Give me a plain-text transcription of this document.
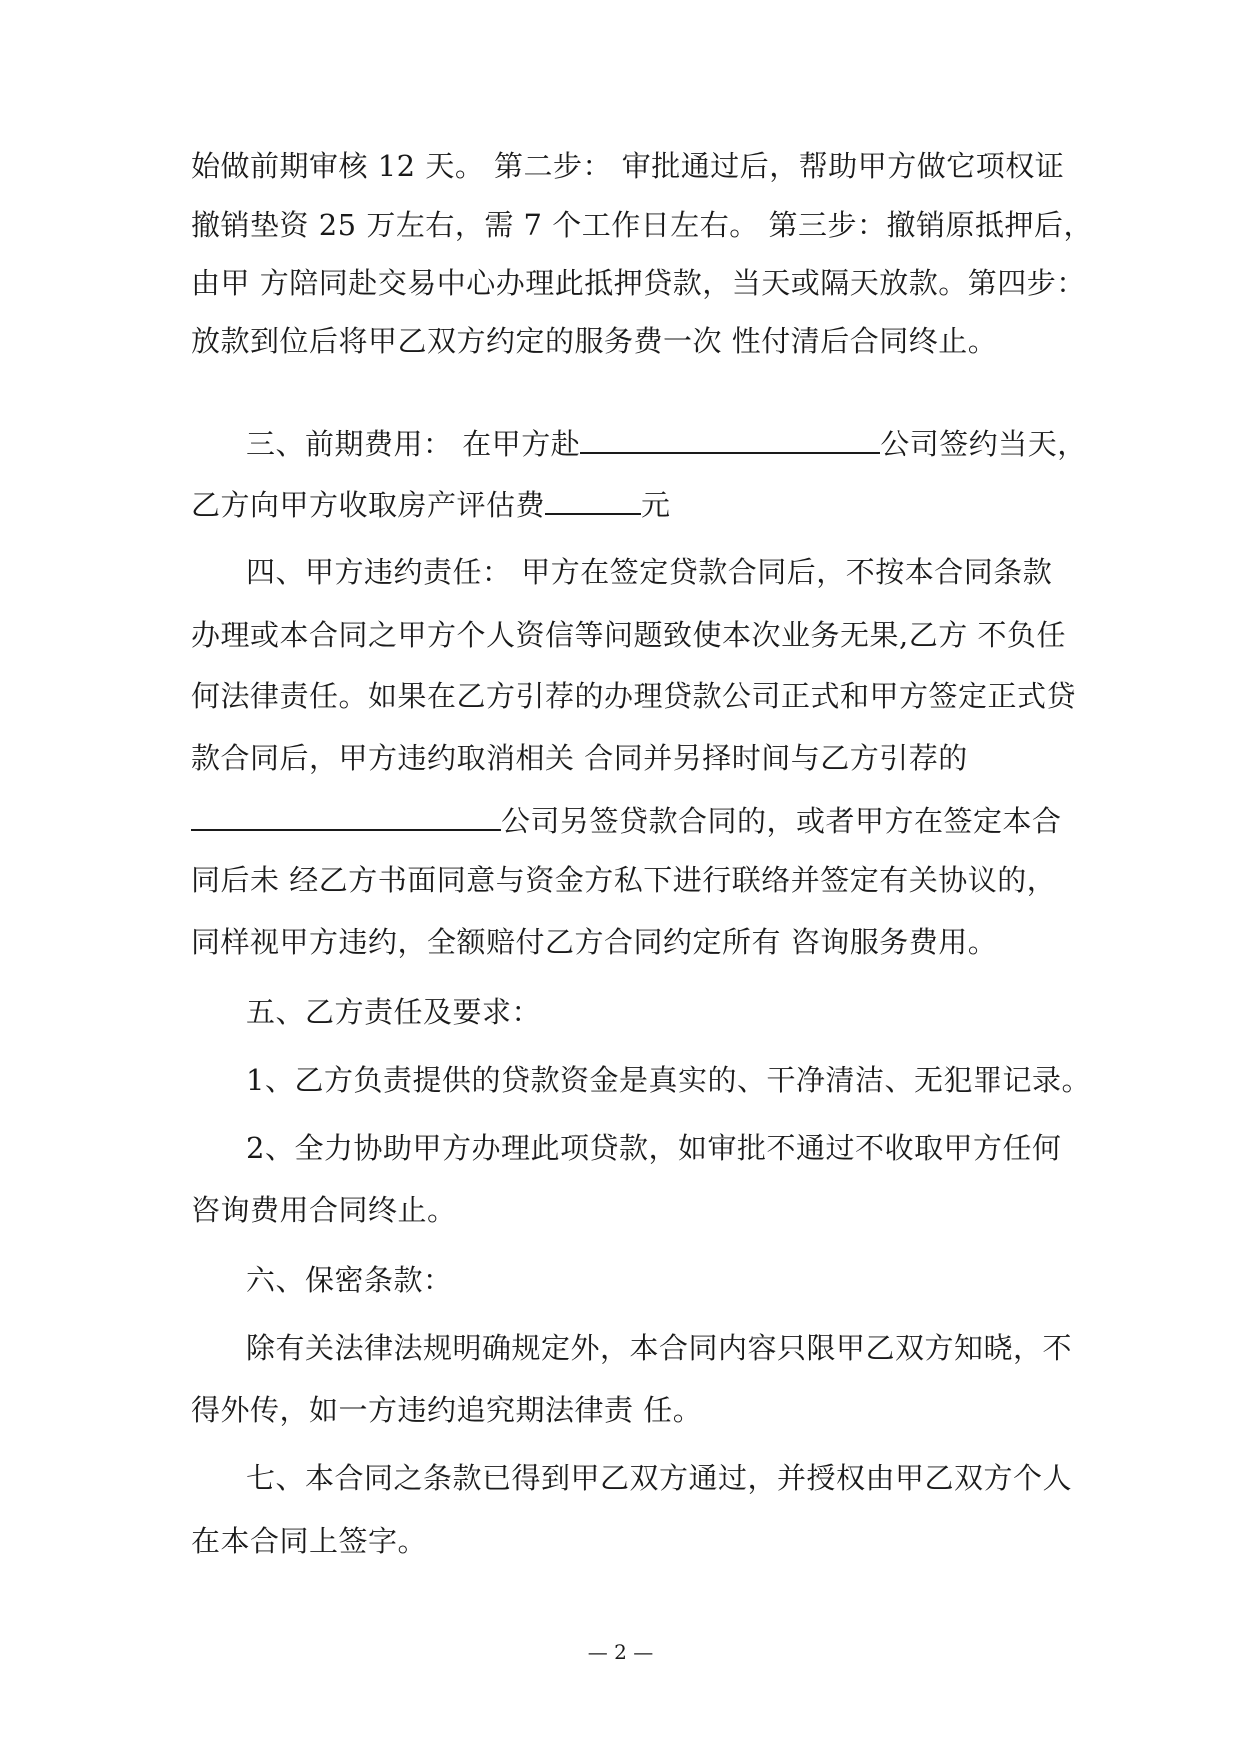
始做前期审核 12 天。 第二步： 审批通过后，帮助甲方做它项权证
撤销垫资 25 万左右，需 7 个工作日左右。 第三步：撤销原抵押后，
由甲 方陪同赴交易中心办理此抵押贷款，当天或隔天放款。第四步：
放款到位后将甲乙双方约定的服务费一次 性付清后合同终止。
三、前期费用： 在甲方赴	公司签约当天，
乙方向甲方收取房产评估费	元
四、甲方违约责任： 甲方在签定贷款合同后，不按本合同条款
办理或本合同之甲方个人资信等问题致使本次业务无果,乙方 不负任
何法律责任。如果在乙方引荐的办理贷款公司正式和甲方签定正式贷
款合同后，甲方违约取消相关 合同并另择时间与乙方引荐的
公司另签贷款合同的，或者甲方在签定本合
同后未 经乙方书面同意与资金方私下进行联络并签定有关协议的，
同样视甲方违约，全额赔付乙方合同约定所有 咨询服务费用。
五、乙方责任及要求：
1、乙方负责提供的贷款资金是真实的、干净清洁、无犯罪记录。
2、全力协助甲方办理此项贷款，如审批不通过不收取甲方任何
咨询费用合同终止。
六、保密条款：
除有关法律法规明确规定外，本合同内容只限甲乙双方知晓，不
得外传，如一方违约追究期法律责 任。
七、本合同之条款已得到甲乙双方通过，并授权由甲乙双方个人
在本合同上签字。
— 2 —
